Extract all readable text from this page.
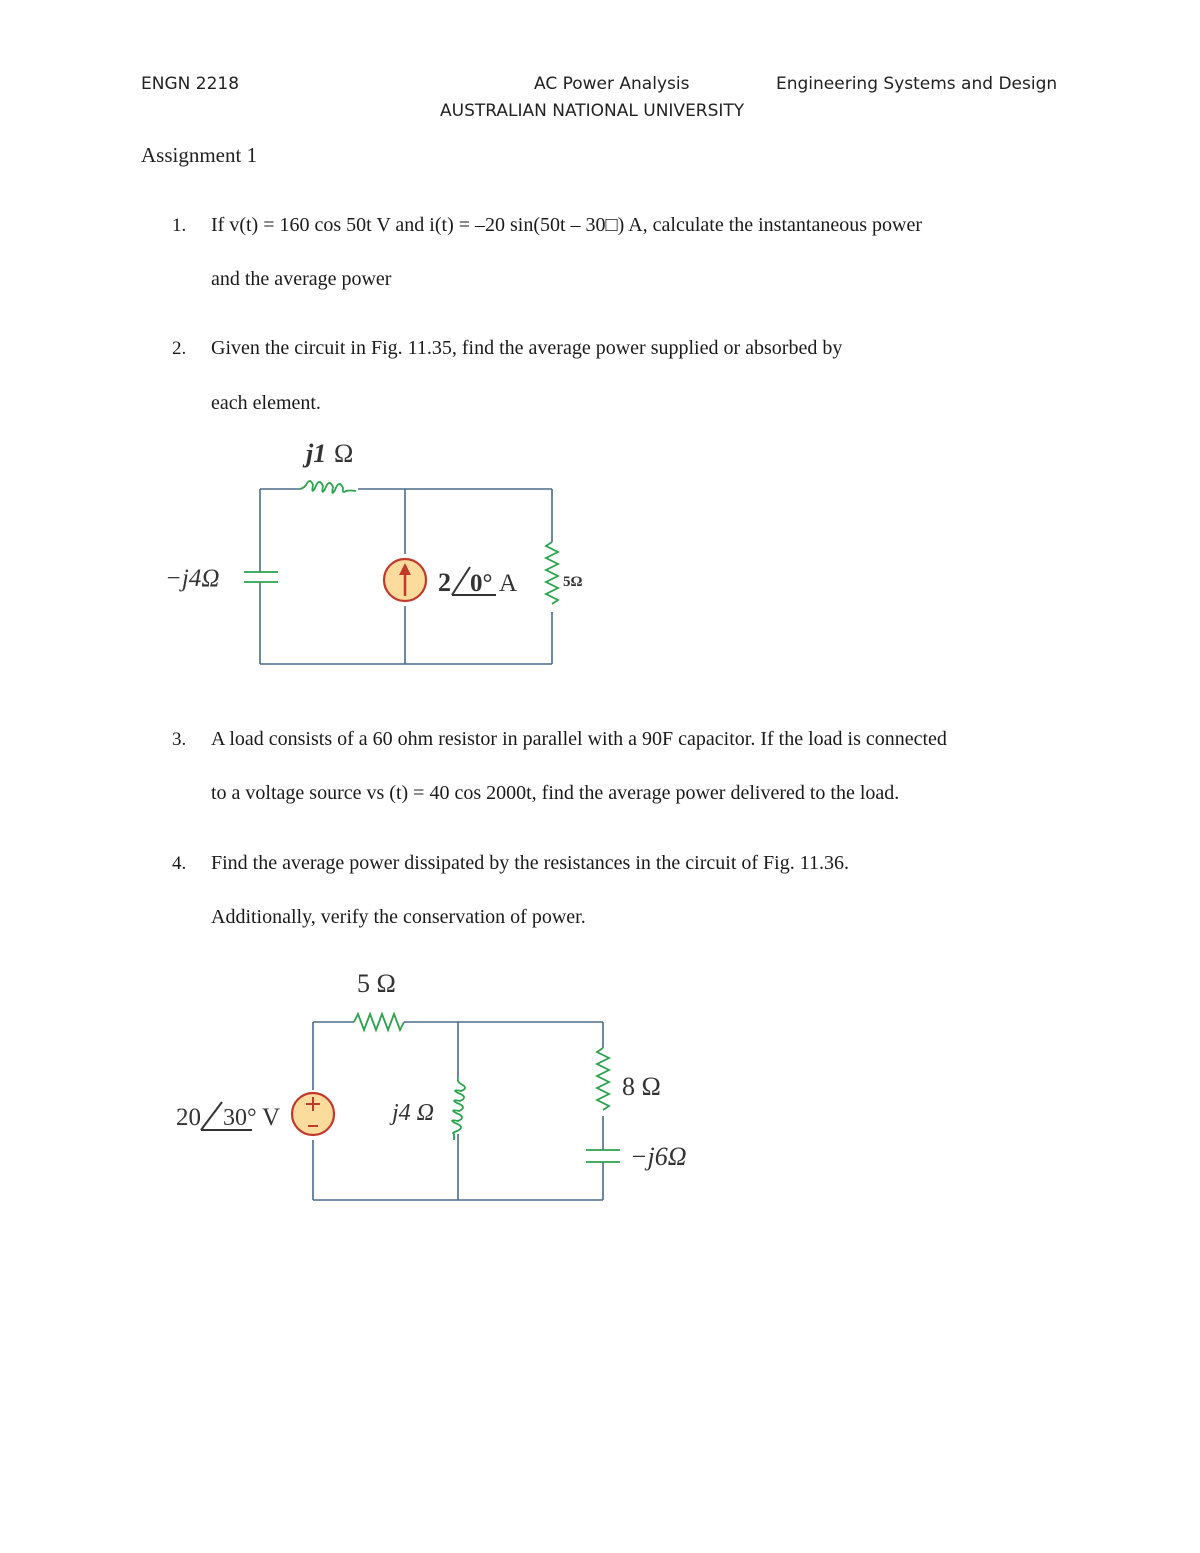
ENGN 2218	AC Power Analysis	Engineering Systems and Design
AUSTRALIAN NATIONAL UNIVERSITY
Assignment 1
1. If v(t) = 160 cos 50t V and i(t) = –20 sin(50t – 30□) A, calculate the instantaneous power
and the average power
2. Given the circuit in Fig. 11.35, find the average power supplied or absorbed by
each element.
j1 Ω
−j4Ω	2 0° A	5Ω
3. A load consists of a 60 ohm resistor in parallel with a 90F capacitor. If the load is connected
to a voltage source vs (t) = 40 cos 2000t, find the average power delivered to the load.
4. Find the average power dissipated by the resistances in the circuit of Fig. 11.36.
Additionally, verify the conservation of power.
5 Ω
20 30° V	j4 Ω
8 Ω
−j6Ω
